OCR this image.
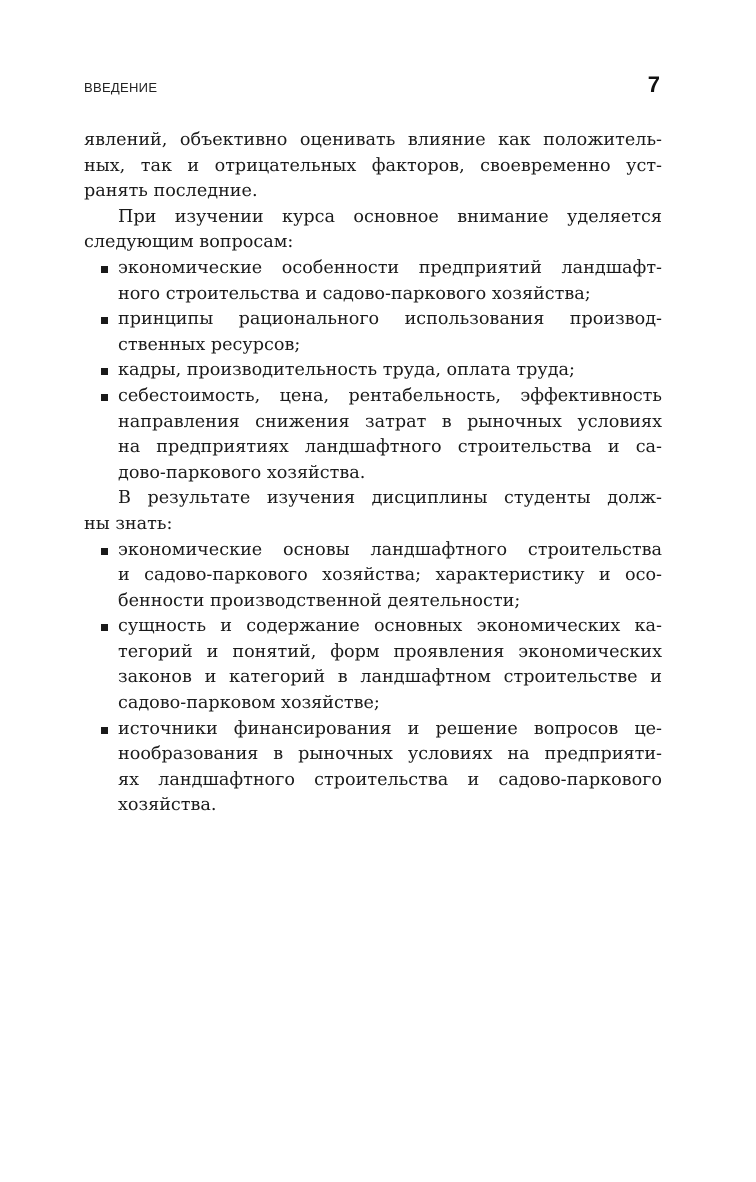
ВВЕДЕНИЕ	7
явлений, объективно оценивать влияние как положитель-
ных, так и отрицательных факторов, своевременно уст-
ранять последние.
При изучении курса основное внимание уделяется
следующим вопросам:
экономические особенности предприятий ландшафт-
ного строительства и садово-паркового хозяйства;
принципы рационального использования производ-
ственных ресурсов;
кадры, производительность труда, оплата труда;
себестоимость, цена, рентабельность, эффективность
направления снижения затрат в рыночных условиях
на предприятиях ландшафтного строительства и са-
дово-паркового хозяйства.
В результате изучения дисциплины студенты долж-
ны знать:
экономические основы ландшафтного строительства
и садово-паркового хозяйства; характеристику и осо-
бенности производственной деятельности;
сущность и содержание основных экономических ка-
тегорий и понятий, форм проявления экономических
законов и категорий в ландшафтном строительстве и
садово-парковом хозяйстве;
источники финансирования и решение вопросов це-
нообразования в рыночных условиях на предприяти-
ях ландшафтного строительства и садово-паркового
хозяйства.
